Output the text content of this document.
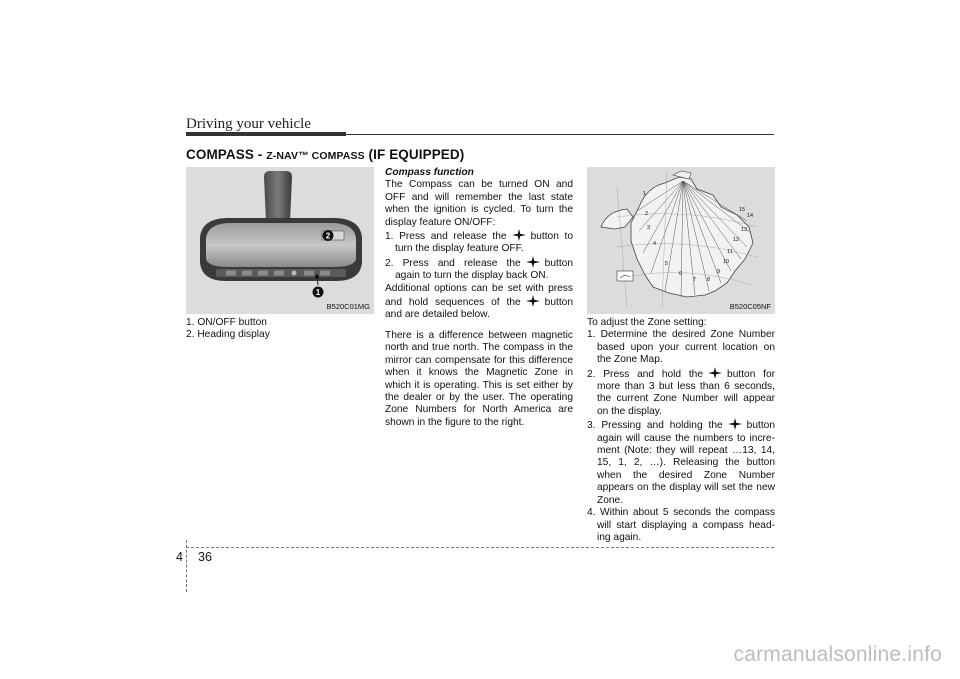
Driving your vehicle
COMPASS - Z-NAV™ COMPASS (IF EQUIPPED)
1
2
B520C01MG
1
2
3
4
5
6
7 8
9
10
11
12
13
14
15
B520C05NF

1. ON/OFF button

2. Heading display

Compass function

The Compass can be turned ON and OFF and will remember the last state when the ignition is cycled. To turn the display feature ON/OFF:

1. Press and release the button to turn the display feature OFF.

2. Press and release the button again to turn the display back ON.

Additional options can be set with press and hold sequences of the button and are detailed below.

There is a difference between magnetic north and true north. The compass in the mirror can compensate for this difference when it knows the Magnetic Zone in which it is operating. This is set either by the dealer or by the user. The operating Zone Numbers for North America are shown in the figure to the right.

To adjust the Zone setting:

1. Determine the desired Zone Number based upon your current location on the Zone Map.

2. Press and hold the button for more than 3 but less than 6 seconds, the current Zone Number will appear on the display.

3. Pressing and holding the button again will cause the numbers to incre-ment (Note: they will repeat …13, 14, 15, 1, 2, …). Releasing the button when the desired Zone Number appears on the display will set the new Zone.

4. Within about 5 seconds the compass will start displaying a compass head-ing again.

4 36
carmanualsonline.info
